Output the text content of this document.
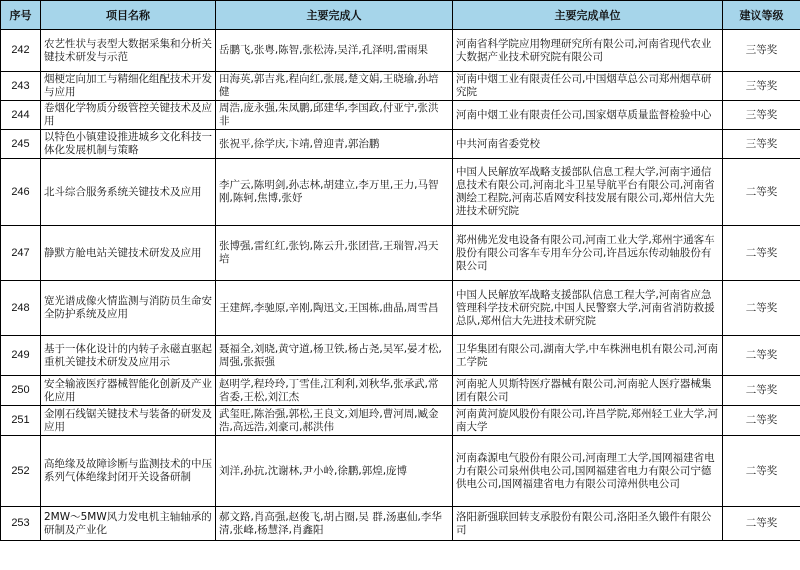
序号	项目名称	主要完成人	主要完成单位	建议等级
242	农艺性状与表型大数据采集和分析关键技术研发与示范	岳鹏飞,张粤,陈智,张松涛,吴洋,孔泽明,雷雨果	河南省科学院应用物理研究所有限公司,河南省现代农业大数据产业技术研究院有限公司	三等奖
243	烟梗定向加工与精细化组配技术开发与应用	田海英,郭吉兆,程向红,张展,楚文娟,王晓瑜,孙培健	河南中烟工业有限责任公司,中国烟草总公司郑州烟草研究院	三等奖
244	卷烟化学物质分级管控关键技术及应用	周浩,庞永强,朱凤鹏,邱建华,李国政,付亚宁,张洪非	河南中烟工业有限责任公司,国家烟草质量监督检验中心	三等奖
245	以特色小镇建设推进城乡文化科技一体化发展机制与策略	张祝平,徐学庆,卞靖,曾迎青,郭治鹏	中共河南省委党校	三等奖
246	北斗综合服务系统关键技术及应用	李广云,陈明剑,孙志林,胡建立,李万里,王力,马智刚,陈轲,焦博,张妤	中国人民解放军战略支援部队信息工程大学,河南宇通信息技术有限公司,河南北斗卫星导航平台有限公司,河南省测绘工程院,河南芯盾网安科技发展有限公司,郑州信大先进技术研究院	二等奖
247	静默方舱电站关键技术研发及应用	张博强,雷红红,张钧,陈云升,张团营,王瑞智,冯天培	郑州佛光发电设备有限公司,河南工业大学,郑州宇通客车股份有限公司客车专用车分公司,许昌远东传动轴股份有限公司	二等奖
248	宽光谱成像火情监测与消防员生命安全防护系统及应用	王建辉,李驰原,辛刚,陶迅文,王国栋,曲晶,周雪昌	中国人民解放军战略支援部队信息工程大学,河南省应急管理科学技术研究院,中国人民警察大学,河南省消防救援总队,郑州信大先进技术研究院	二等奖
249	基于一体化设计的内转子永磁直驱起重机关键技术研发及应用示	聂福全,刘晓,黄守道,杨卫铁,杨占尧,吴军,晏才松,周强,张振强	卫华集团有限公司,湖南大学,中车株洲电机有限公司,河南工学院	二等奖
250	安全输液医疗器械智能化创新及产业化应用	赵明学,程玲玲,丁雪佳,江利利,刘秋华,张承武,常省委,王松,刘江杰	河南驼人贝斯特医疗器械有限公司,河南驼人医疗器械集团有限公司	二等奖
251	金刚石线锯关键技术与装备的研发及应用	武玺旺,陈治强,郭松,王良文,刘旭玲,曹河周,臧金浩,高远浩,刘豪司,郝洪伟	河南黄河旋风股份有限公司,许昌学院,郑州轻工业大学,河南大学	二等奖
252	高绝缘及故障诊断与监测技术的中压系列气体绝缘封闭开关设备研制	刘洋,孙抗,沈谢林,尹小岭,徐鹏,郭煌,庞博	河南森源电气股份有限公司,河南理工大学,国网福建省电力有限公司泉州供电公司,国网福建省电力有限公司宁德供电公司,国网福建省电力有限公司漳州供电公司	二等奖
253	2MW～5MW风力发电机主轴轴承的研制及产业化	郝文路,肖高强,赵俊飞,胡占圈,吴 群,汤惠仙,李华清,张峰,杨慧泽,肖鑫阳	洛阳新强联回转支承股份有限公司,洛阳圣久锻件有限公司	二等奖
